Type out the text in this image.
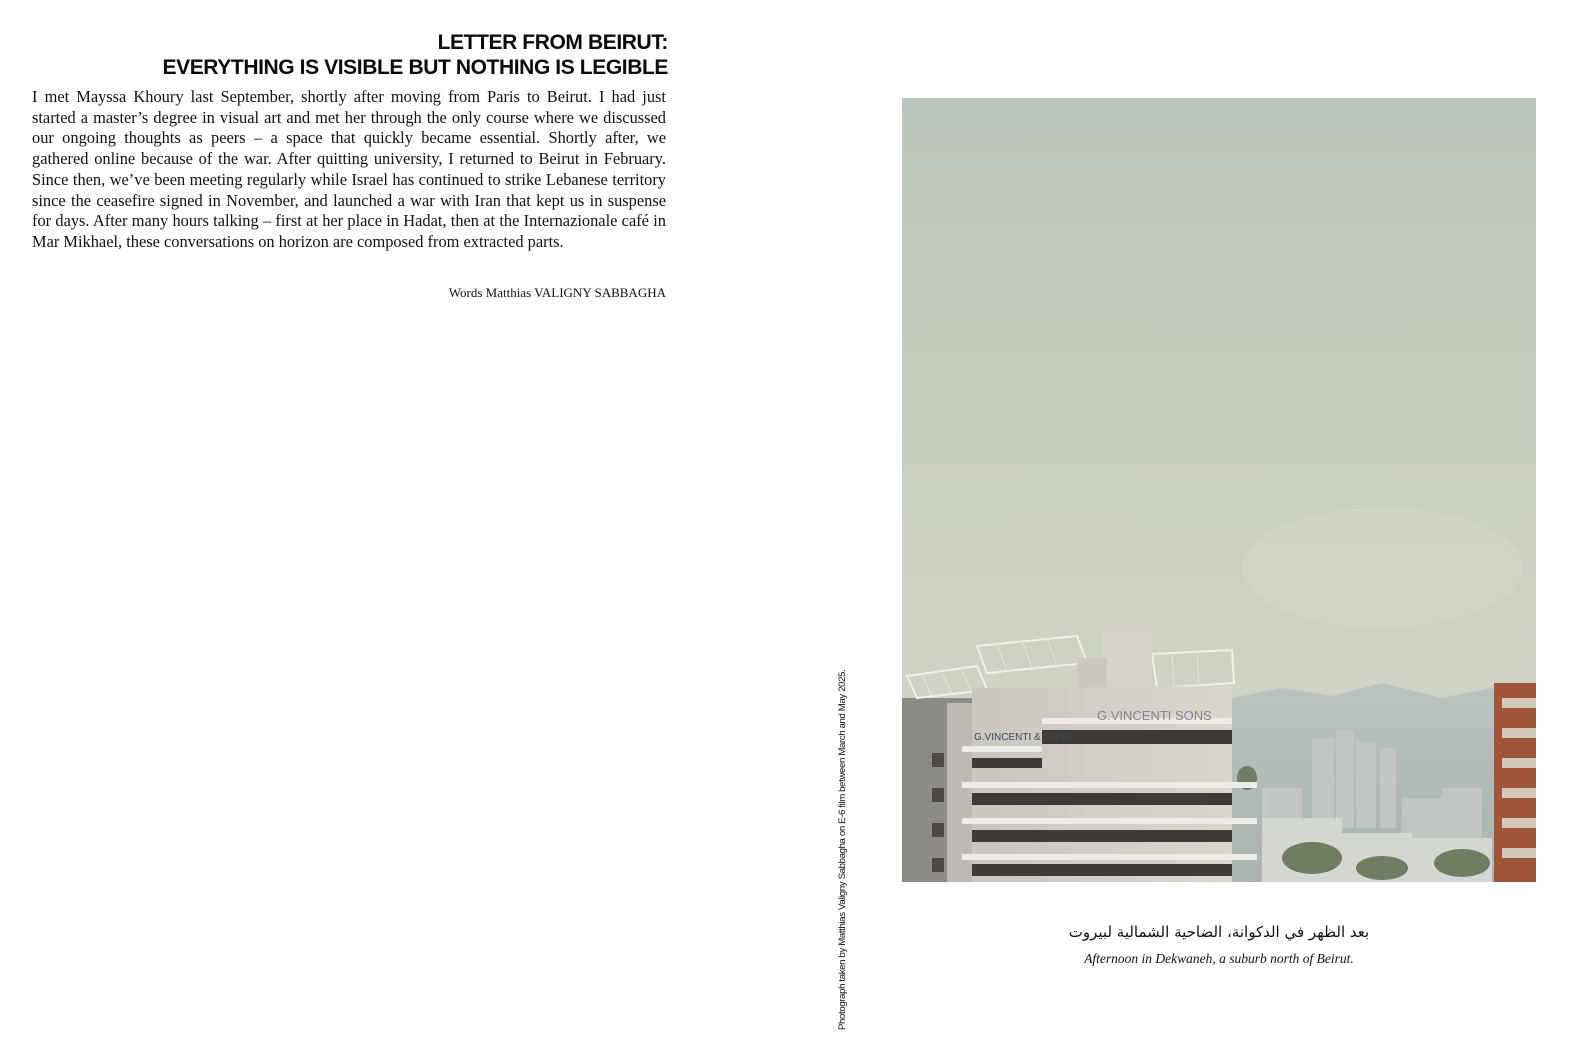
LETTER FROM BEIRUT:
EVERYTHING IS VISIBLE BUT NOTHING IS LEGIBLE

I met Mayssa Khoury last September, shortly after moving from Paris to Beirut. I had just started a master’s degree in visual art and met her through the only course where we discussed our ongoing thoughts as peers – a space that quickly became essential. Shortly after, we gathered online because of the war. After quitting university, I returned to Beirut in February. Since then, we’ve been meeting regularly while Israel has continued to strike Lebanese territory since the ceasefire signed in November, and launched a war with Iran that kept us in suspense for days. After many hours talking – first at her place in Hadat, then at the Internazionale café in Mar Mikhael, these conversations on horizon are composed from extracted parts.

Words Matthias VALIGNY SABBAGHA
Photograph taken by Matthias Valigny Sabbagha on E-6 film between March and May 2025.	G.VINCENTI & SONS
G.VINCENTI SONS
بعد الظهر في الدكوانة، الضاحية الشمالية لبيروت
Afternoon in Dekwaneh, a suburb north of Beirut.
